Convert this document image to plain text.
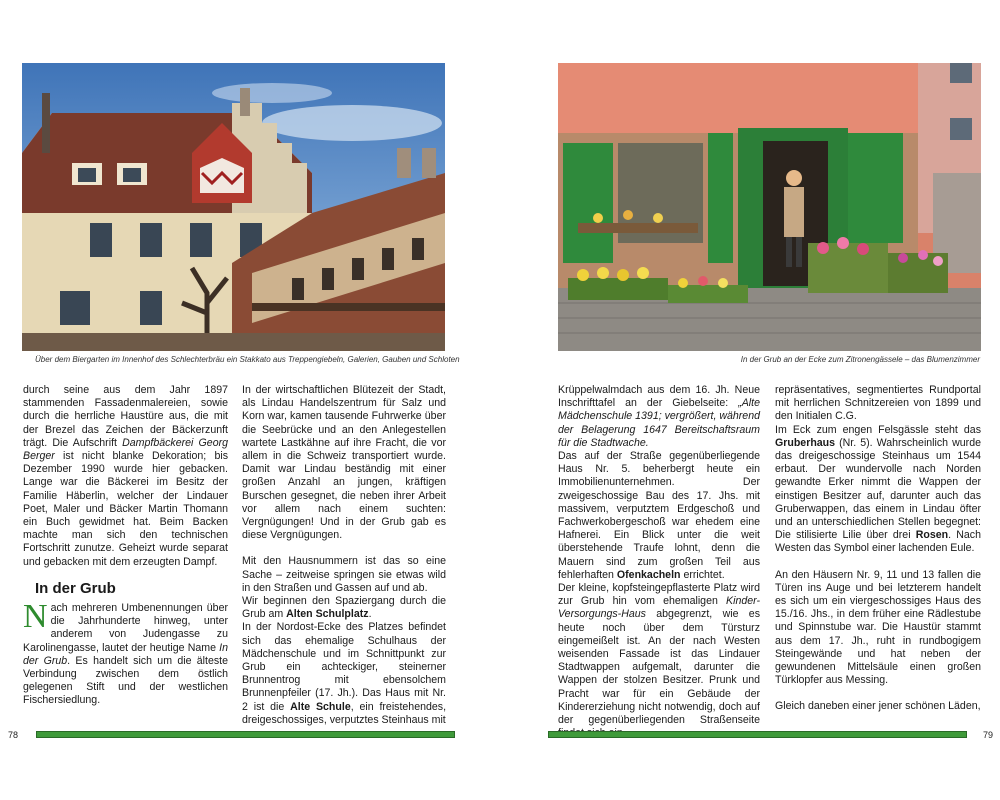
Über dem Biergarten im Innenhof des Schlechterbräu ein Stakkato aus Treppengiebeln, Galerien, Gauben und Schloten

durch seine aus dem Jahr 1897 stammenden Fassadenmalereien, sowie durch die herrliche Haustüre aus, die mit der Brezel das Zeichen der Bäckerzunft trägt. Die Aufschrift Dampfbäckerei Georg Berger ist nicht blanke Dekoration; bis Dezember 1990 wurde hier gebacken. Lange war die Bäckerei im Besitz der Familie Häberlin, welcher der Lindauer Poet, Maler und Bäcker Martin Thomann ein Buch gewidmet hat. Beim Backen machte man sich den technischen Fortschritt zunutze. Geheizt wurde separat und gebacken mit dem erzeugten Dampf.

In der Grub

Nach mehreren Umbenennungen über die Jahrhunderte hinweg, unter anderem von Judengasse zu Karolinengasse, lautet der heutige Name In der Grub. Es handelt sich um die älteste Verbindung zwischen dem östlich gelegenen Stift und der westlichen Fischersiedlung.

In der wirtschaftlichen Blütezeit der Stadt, als Lindau Handelszentrum für Salz und Korn war, kamen tausende Fuhrwerke über die Seebrücke und an den Anlegestellen wartete Lastkähne auf ihre Fracht, die vor allem in die Schweiz transportiert wurde. Damit war Lindau beständig mit einer großen Anzahl an jungen, kräftigen Burschen gesegnet, die neben ihrer Arbeit vor allem nach einem suchten: Vergnügungen! Und in der Grub gab es diese Vergnügungen.

Mit den Hausnummern ist das so eine Sache – zeitweise springen sie etwas wild in den Straßen und Gassen auf und ab.

Wir beginnen den Spaziergang durch die Grub am Alten Schulplatz.

In der Nordost-Ecke des Platzes befindet sich das ehemalige Schulhaus der Mädchenschule und im Schnittpunkt zur Grub ein achteckiger, steinerner Brunnentrog mit ebensolchem Brunnenpfeiler (17. Jh.). Das Haus mit Nr. 2 ist die Alte Schule, ein freistehendes, dreigeschossiges, verputztes Steinhaus mit

78
In der Grub an der Ecke zum Zitronengässele – das Blumenzimmer

Krüppelwalmdach aus dem 16. Jh. Neue Inschrifttafel an der Giebelseite: „Alte Mädchenschule 1391; vergrößert, während der Belagerung 1647 Bereitschaftsraum für die Stadtwache.

Das auf der Straße gegenüberliegende Haus Nr. 5. beherbergt heute ein Immobilienunternehmen. Der zweigeschossige Bau des 17. Jhs. mit massivem, verputztem Erdgeschoß und Fachwerkobergeschoß war ehedem eine Hafnerei. Ein Blick unter die weit überstehende Traufe lohnt, denn die Mauern sind zum großen Teil aus fehlerhaften Ofenkacheln errichtet.

Der kleine, kopfsteingepflasterte Platz wird zur Grub hin vom ehemaligen Kinder-Versorgungs-Haus abgegrenzt, wie es heute noch über dem Türsturz eingemeißelt ist. An der nach Westen weisenden Fassade ist das Lindauer Stadtwappen aufgemalt, darunter die Wappen der stolzen Besitzer. Prunk und Pracht war für ein Gebäude der Kindererziehung nicht notwendig, doch auf der gegenüberliegenden Straßenseite

repräsentatives, segmentiertes Rundportal mit herrlichen Schnitzereien von 1899 und den Initialen C.G.

Im Eck zum engen Felsgässle steht das Gruberhaus (Nr. 5). Wahrscheinlich wurde das dreigeschossige Steinhaus um 1544 erbaut. Der wundervolle nach Norden gewandte Erker nimmt die Wappen der einstigen Besitzer auf, darunter auch das Gruberwappen, das einem in Lindau öfter und an unterschiedlichen Stellen begegnet: Die stilisierte Lilie über drei Rosen. Nach Westen das Symbol einer lachenden Eule.

An den Häusern Nr. 9, 11 und 13 fallen die Türen ins Auge und bei letzterem handelt es sich um ein viergeschossiges Haus des 15./16. Jhs., in dem früher eine Rädlestube und Spinnstube war. Die Haustür stammt aus dem 17. Jh., ruht in rundbogigem Steingewände und hat neben der gewundenen Mittelsäule einen großen Türklopfer aus Messing.

Gleich daneben einer jener schönen Läden,

79
